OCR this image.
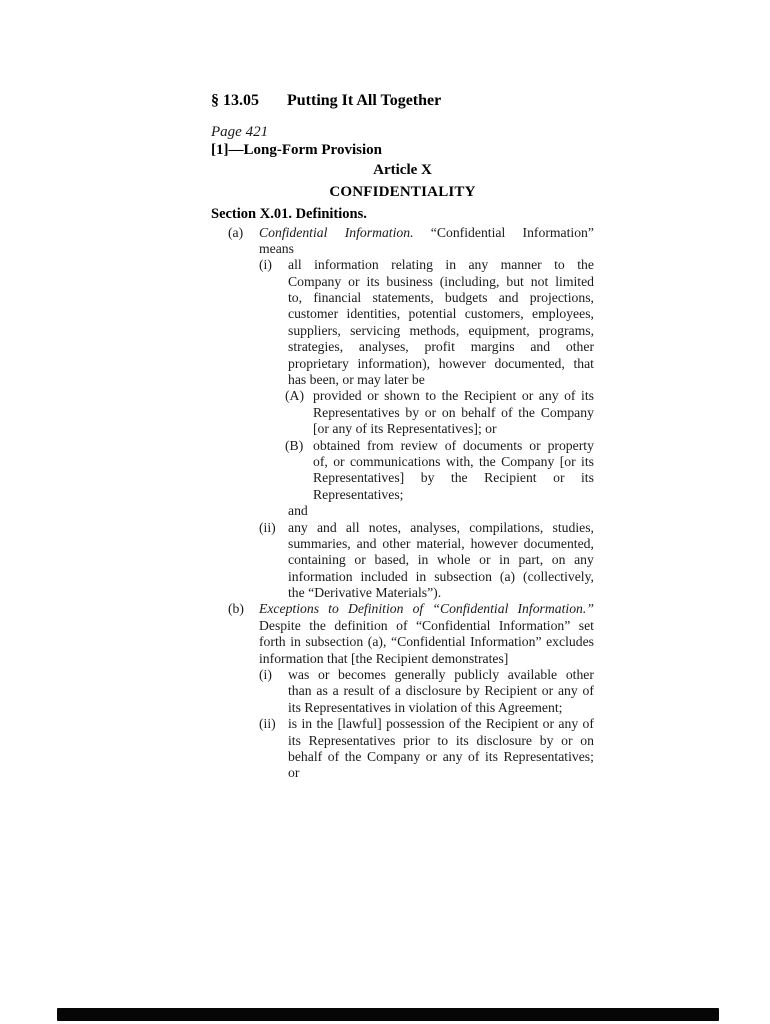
§ 13.05 Putting It All Together

Page 421

[1]—Long-Form Provision

Article X

CONFIDENTIALITY

Section X.01. Definitions.

(a) Confidential Information. “Confidential Information”
means
(i) all information relating in any manner to the
Company or its business (including, but not limited
to, financial statements, budgets and projections,
customer identities, potential customers, employees,
suppliers, servicing methods, equipment, programs,
strategies, analyses, profit margins and other
proprietary information), however documented, that
has been, or may later be
(A) provided or shown to the Recipient or any of its
Representatives by or on behalf of the Company
[or any of its Representatives]; or
(B) obtained from review of documents or property
of, or communications with, the Company [or its
Representatives] by the Recipient or its
Representatives;
and
(ii) any and all notes, analyses, compilations, studies,
summaries, and other material, however documented,
containing or based, in whole or in part, on any
information included in subsection (a) (collectively,
the “Derivative Materials”).
(b) Exceptions to Definition of “Confidential Information.”
Despite the definition of “Confidential Information” set
forth in subsection (a), “Confidential Information” excludes
information that [the Recipient demonstrates]
(i) was or becomes generally publicly available other
than as a result of a disclosure by Recipient or any of
its Representatives in violation of this Agreement;
(ii) is in the [lawful] possession of the Recipient or any of
its Representatives prior to its disclosure by or on
behalf of the Company or any of its Representatives;
or
